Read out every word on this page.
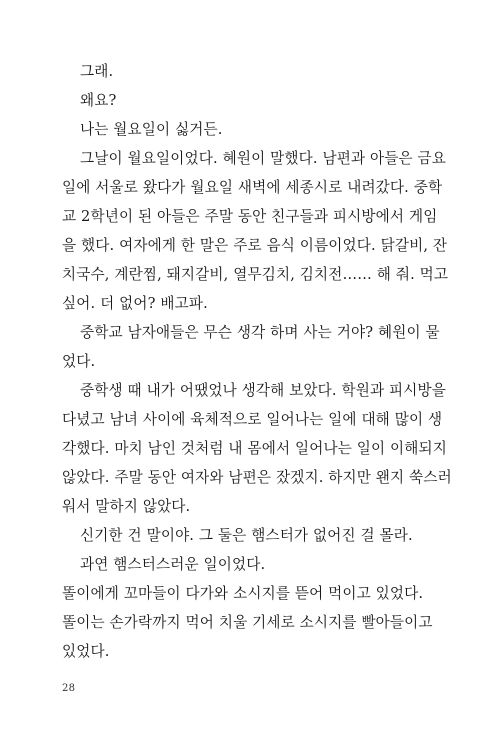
그래.
왜요?
나는 월요일이 싫거든.
그날이 월요일이었다. 혜원이 말했다. 남편과 아들은 금요
일에 서울로 왔다가 월요일 새벽에 세종시로 내려갔다. 중학
교 2학년이 된 아들은 주말 동안 친구들과 피시방에서 게임
을 했다. 여자에게 한 말은 주로 음식 이름이었다. 닭갈비, 잔
치국수, 계란찜, 돼지갈비, 열무김치, 김치전…… 해 줘. 먹고
싶어. 더 없어? 배고파.
중학교 남자애들은 무슨 생각 하며 사는 거야? 혜원이 물
었다.
중학생 때 내가 어땠었나 생각해 보았다. 학원과 피시방을
다녔고 남녀 사이에 육체적으로 일어나는 일에 대해 많이 생
각했다. 마치 남인 것처럼 내 몸에서 일어나는 일이 이해되지
않았다. 주말 동안 여자와 남편은 잤겠지. 하지만 왠지 쑥스러
워서 말하지 않았다.
신기한 건 말이야. 그 둘은 햄스터가 없어진 걸 몰라.
과연 햄스터스러운 일이었다.
똘이에게 꼬마들이 다가와 소시지를 뜯어 먹이고 있었다.
똘이는 손가락까지 먹어 치울 기세로 소시지를 빨아들이고
있었다.
28
